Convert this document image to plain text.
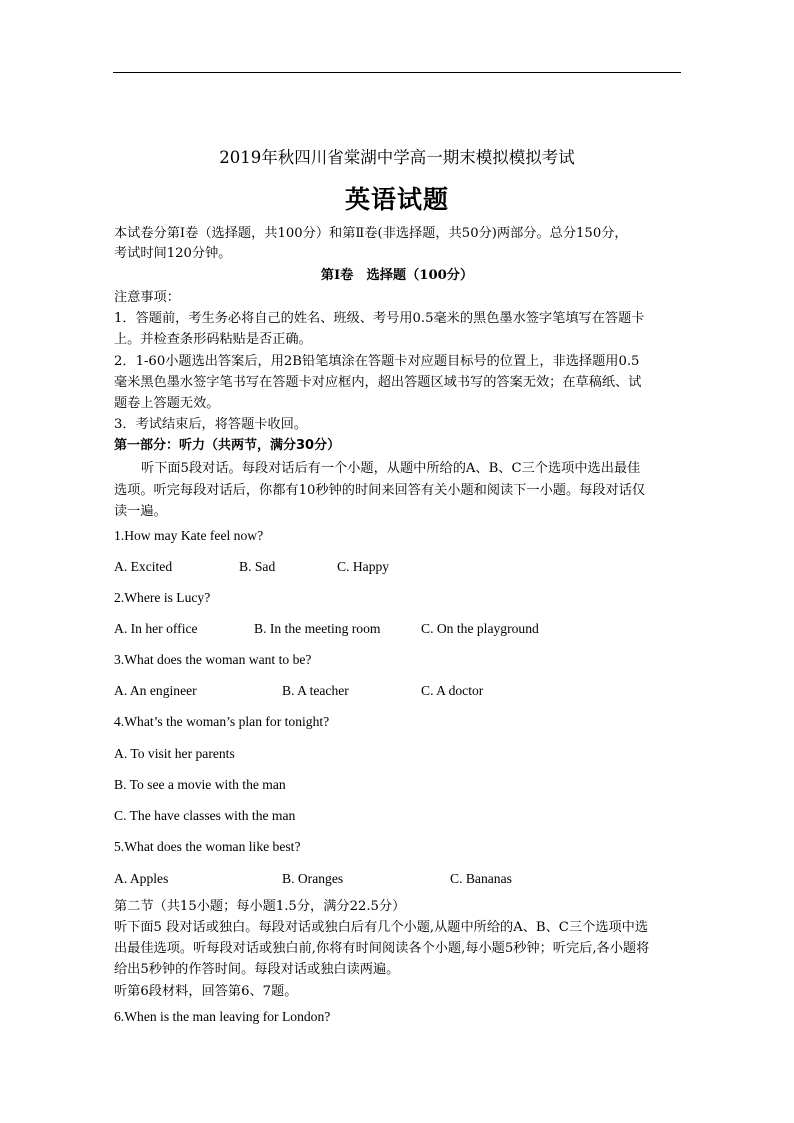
2019年秋四川省棠湖中学高一期末模拟模拟考试
英语试题
本试卷分第Ⅰ卷（选择题，共100分）和第Ⅱ卷(非选择题，共50分)两部分。总分150分，
考试时间120分钟。
第Ⅰ卷　选择题（100分）
注意事项：
1．答题前，考生务必将自己的姓名、班级、考号用0.5毫米的黑色墨水签字笔填写在答题卡
上。并检查条形码粘贴是否正确。
2．1-60小题选出答案后，用2B铅笔填涂在答题卡对应题目标号的位置上，非选择题用0.5
毫米黑色墨水签字笔书写在答题卡对应框内，超出答题区域书写的答案无效；在草稿纸、试
题卷上答题无效。
3．考试结束后，将答题卡收回。
第一部分：听力（共两节，满分30分）
听下面5段对话。每段对话后有一个小题，从题中所给的A、B、C三个选项中选出最佳
选项。听完每段对话后，你都有10秒钟的时间来回答有关小题和阅读下一小题。每段对话仅
读一遍。
1.How may Kate feel now?
A. Excited	B. Sad	C. Happy
2.Where is Lucy?
A. In her office	B. In the meeting room	C. On the playground
3.What does the woman want to be?
A. An engineer	B. A teacher	C. A doctor
4.What’s the woman’s plan for tonight?
A. To visit her parents
B. To see a movie with the man
C. The have classes with the man
5.What does the woman like best?
A. Apples	B. Oranges	C. Bananas
第二节（共15小题；每小题1.5分，满分22.5分）
听下面5 段对话或独白。每段对话或独白后有几个小题,从题中所给的A、B、C三个选项中选
出最佳选项。听每段对话或独白前,你将有时间阅读各个小题,每小题5秒钟；听完后,各小题将
给出5秒钟的作答时间。每段对话或独白读两遍。
听第6段材料，回答第6、7题。
6.When is the man leaving for London?
